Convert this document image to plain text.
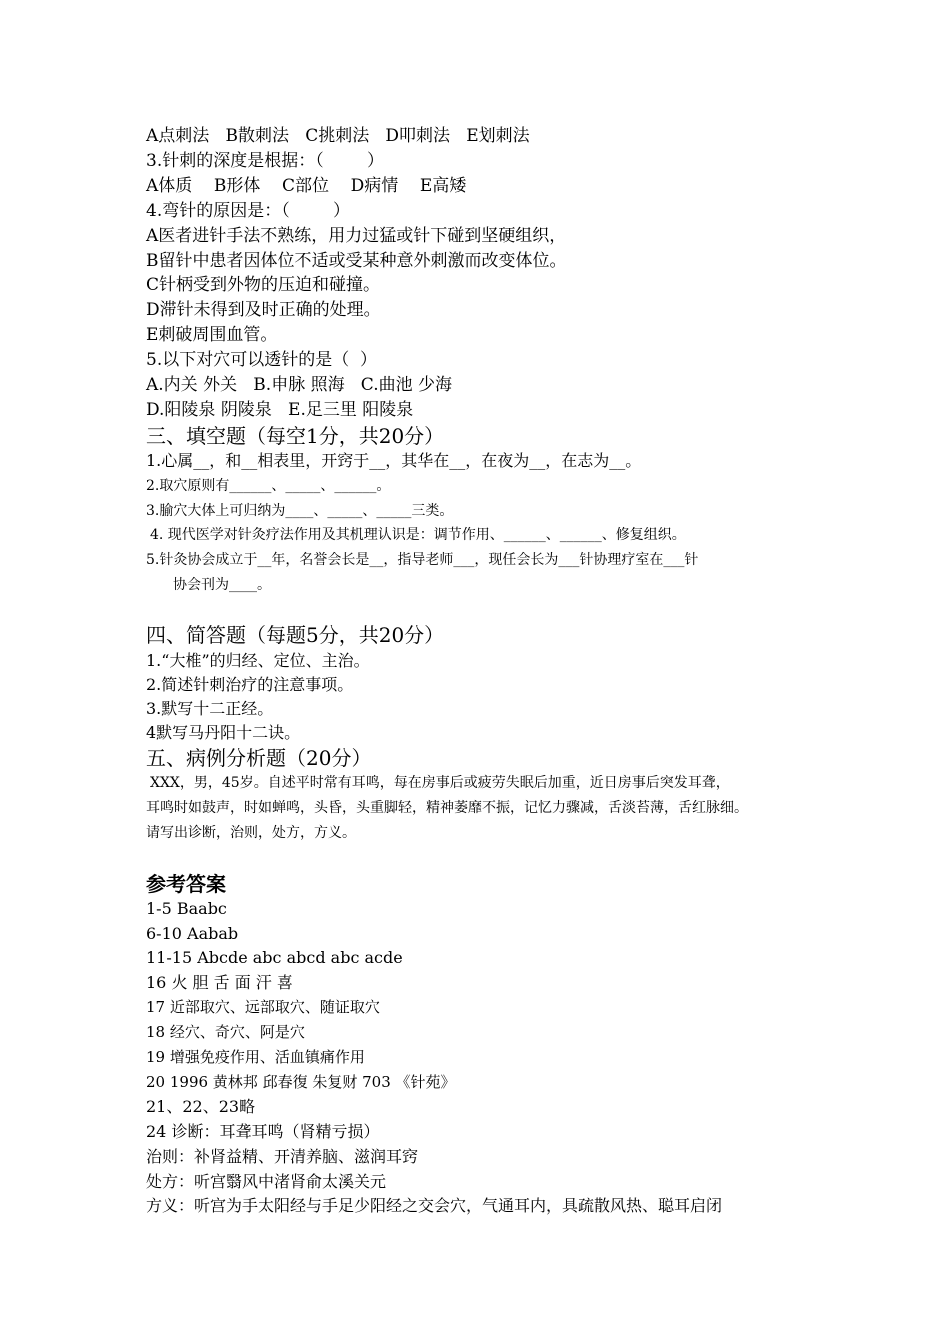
A点刺法   B散刺法   C挑刺法   D叩刺法   E划刺法
3.针刺的深度是根据：（        ）
A体质    B形体    C部位    D病情    E高矮
4.弯针的原因是：（        ）
A医者进针手法不熟练，用力过猛或针下碰到坚硬组织，
B留针中患者因体位不适或受某种意外刺激而改变体位。
C针柄受到外物的压迫和碰撞。
D滞针未得到及时正确的处理。
E刺破周围血管。
5.以下对穴可以透针的是（  ）
A.内关 外关   B.申脉 照海   C.曲池 少海
D.阳陵泉 阴陵泉   E.足三里 阳陵泉
三、填空题（每空1分，共20分）
1.心属__，和__相表里，开窍于__，其华在__，在夜为__，在志为__。
2.取穴原则有______、_____、______。
3.腧穴大体上可归纳为____、_____、_____三类。
4. 现代医学对针灸疗法作用及其机理认识是：调节作用、______、______、修复组织。
5.针灸协会成立于__年，名誉会长是__，指导老师___，现任会长为___针协理疗室在___针
协会刊为____。
四、简答题（每题5分，共20分）
1.“大椎”的归经、定位、主治。
2.简述针刺治疗的注意事项。
3.默写十二正经。
4默写马丹阳十二诀。
五、病例分析题（20分）
XXX，男，45岁。自述平时常有耳鸣，每在房事后或疲劳失眠后加重，近日房事后突发耳聋，
耳鸣时如鼓声，时如蝉鸣，头昏，头重脚轻，精神萎靡不振，记忆力骤减，舌淡苔薄，舌红脉细。
请写出诊断，治则，处方，方义。
参考答案
1-5 Baabc
6-10 Aabab
11-15 Abcde abc abcd abc acde
16 火 胆 舌 面 汗 喜
17 近部取穴、远部取穴、随证取穴
18 经穴、奇穴、阿是穴
19 增强免疫作用、活血镇痛作用
20 1996 黄林邦 邱春復 朱复财 703 《针苑》
21、22、23略
24 诊断：耳聋耳鸣（肾精亏损）
治则：补肾益精、开清养脑、滋润耳窍
处方：听宫翳风中渚肾俞太溪关元
方义：听宫为手太阳经与手足少阳经之交会穴，气通耳内，具疏散风热、聪耳启闭
